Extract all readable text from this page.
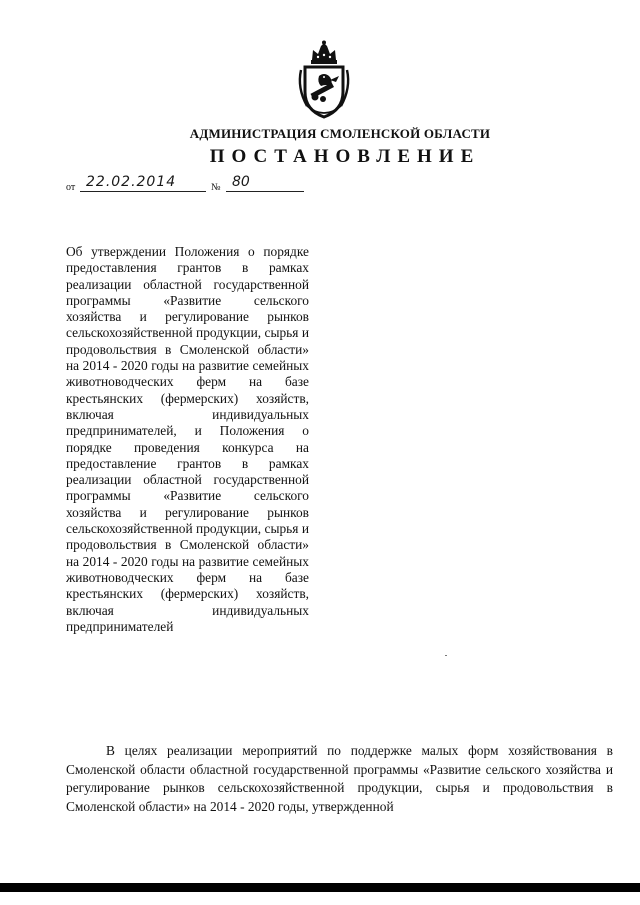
АДМИНИСТРАЦИЯ СМОЛЕНСКОЙ ОБЛАСТИ
ПОСТАНОВЛЕНИЕ
от 22.02.2014	№ 80
Об утверждении Положения о порядке предоставления грантов в рамках реализации областной государственной программы «Развитие сельского хозяйства и регулирование рынков сельскохозяйственной продукции, сырья и продовольствия в Смоленской области» на 2014 - 2020 годы на развитие семейных животноводческих ферм на базе крестьянских (фермерских) хозяйств, включая индивидуальных предпринимателей, и Положения о порядке проведения конкурса на предоставление грантов в рамках реализации областной государственной программы «Развитие сельского хозяйства и регулирование рынков сельскохозяйственной продукции, сырья и продовольствия в Смоленской области» на 2014 - 2020 годы на развитие семейных животноводческих ферм на базе крестьянских (фермерских) хозяйств, включая индивидуальных предпринимателей
В целях реализации мероприятий по поддержке малых форм хозяйствования в Смоленской области областной государственной программы «Развитие сельского хозяйства и регулирование рынков сельскохозяйственной продукции, сырья и продовольствия в Смоленской области» на 2014 - 2020 годы, утвержденной
